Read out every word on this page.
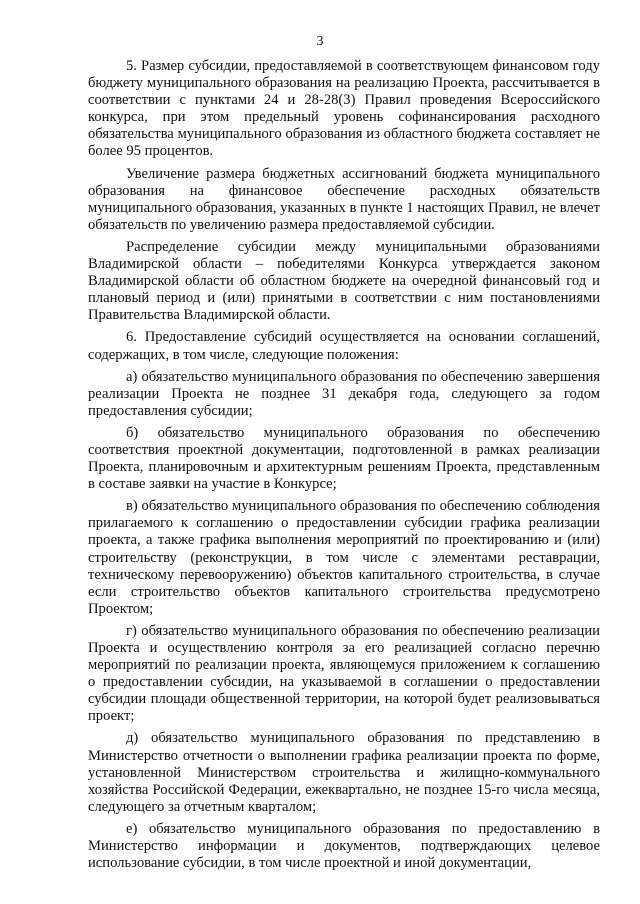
3

5. Размер субсидии, предоставляемой в соответствующем финансовом году бюджету муниципального образования на реализацию Проекта, рассчитывается в соответствии с пунктами 24 и 28-28(3) Правил проведения Всероссийского конкурса, при этом предельный уровень софинансирования расходного обязательства муниципального образования из областного бюджета составляет не более 95 процентов.

Увеличение размера бюджетных ассигнований бюджета муниципального образования на финансовое обеспечение расходных обязательств муниципального образования, указанных в пункте 1 настоящих Правил, не влечет обязательств по увеличению размера предоставляемой субсидии.

Распределение субсидии между муниципальными образованиями Владимирской области – победителями Конкурса утверждается законом Владимирской области об областном бюджете на очередной финансовый год и плановый период и (или) принятыми в соответствии с ним постановлениями Правительства Владимирской области.

6. Предоставление субсидий осуществляется на основании соглашений, содержащих, в том числе, следующие положения:

а) обязательство муниципального образования по обеспечению завершения реализации Проекта не позднее 31 декабря года, следующего за годом предоставления субсидии;

б) обязательство муниципального образования по обеспечению соответствия проектной документации, подготовленной в рамках реализации Проекта, планировочным и архитектурным решениям Проекта, представленным в составе заявки на участие в Конкурсе;

в) обязательство муниципального образования по обеспечению соблюдения прилагаемого к соглашению о предоставлении субсидии графика реализации проекта, а также графика выполнения мероприятий по проектированию и (или) строительству (реконструкции, в том числе с элементами реставрации, техническому перевооружению) объектов капитального строительства, в случае если строительство объектов капитального строительства предусмотрено Проектом;

г) обязательство муниципального образования по обеспечению реализации Проекта и осуществлению контроля за его реализацией согласно перечню мероприятий по реализации проекта, являющемуся приложением к соглашению о предоставлении субсидии, на указываемой в соглашении о предоставлении субсидии площади общественной территории, на которой будет реализовываться проект;

д) обязательство муниципального образования по представлению в Министерство отчетности о выполнении графика реализации проекта по форме, установленной Министерством строительства и жилищно-коммунального хозяйства Российской Федерации, ежеквартально, не позднее 15-го числа месяца, следующего за отчетным кварталом;

е) обязательство муниципального образования по предоставлению в Министерство информации и документов, подтверждающих целевое использование субсидии, в том числе проектной и иной документации,
